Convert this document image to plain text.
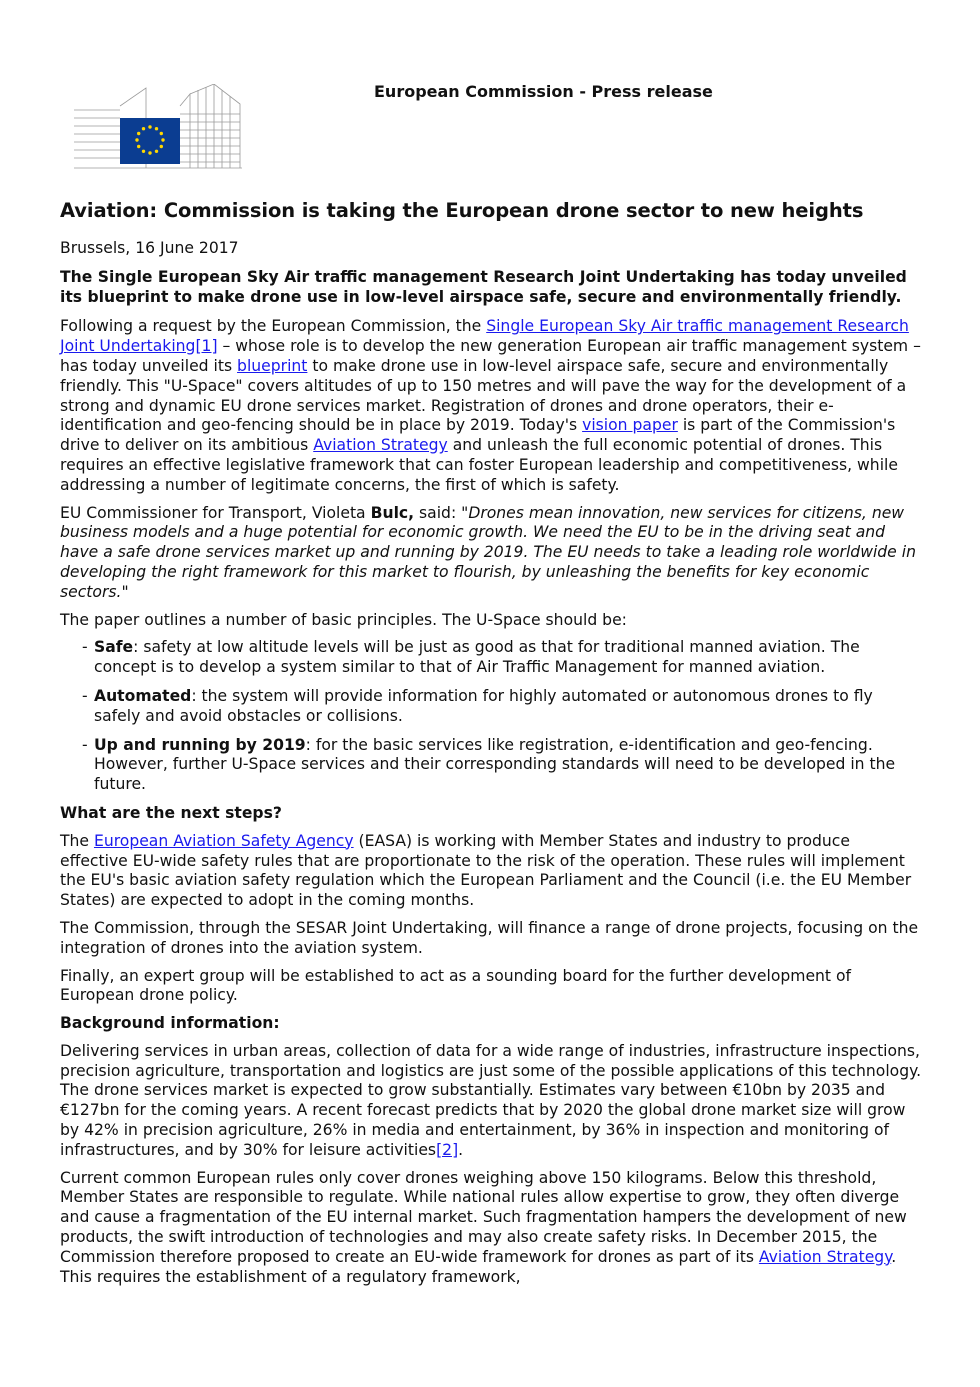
European Commission - Press release
Aviation: Commission is taking the European drone sector to new heights

Brussels, 16 June 2017

The Single European Sky Air traffic management Research Joint Undertaking has today unveiled its blueprint to make drone use in low-level airspace safe, secure and environmentally friendly.

Following a request by the European Commission, the Single European Sky Air traffic management Research Joint Undertaking[1] – whose role is to develop the new generation European air traffic management system – has today unveiled its blueprint to make drone use in low-level airspace safe, secure and environmentally friendly. This "U-Space" covers altitudes of up to 150 metres and will pave the way for the development of a strong and dynamic EU drone services market. Registration of drones and drone operators, their e-identification and geo-fencing should be in place by 2019. Today's vision paper is part of the Commission's drive to deliver on its ambitious Aviation Strategy and unleash the full economic potential of drones. This requires an effective legislative framework that can foster European leadership and competitiveness, while addressing a number of legitimate concerns, the first of which is safety.

EU Commissioner for Transport, Violeta Bulc, said: "Drones mean innovation, new services for citizens, new business models and a huge potential for economic growth. We need the EU to be in the driving seat and have a safe drone services market up and running by 2019. The EU needs to take a leading role worldwide in developing the right framework for this market to flourish, by unleashing the benefits for key economic sectors."

The paper outlines a number of basic principles. The U-Space should be:

- Safe: safety at low altitude levels will be just as good as that for traditional manned aviation. The concept is to develop a system similar to that of Air Traffic Management for manned aviation.
- Automated: the system will provide information for highly automated or autonomous drones to fly safely and avoid obstacles or collisions.
- Up and running by 2019: for the basic services like registration, e-identification and geo-fencing. However, further U-Space services and their corresponding standards will need to be developed in the future.
What are the next steps?

The European Aviation Safety Agency (EASA) is working with Member States and industry to produce effective EU-wide safety rules that are proportionate to the risk of the operation. These rules will implement the EU's basic aviation safety regulation which the European Parliament and the Council (i.e. the EU Member States) are expected to adopt in the coming months.

The Commission, through the SESAR Joint Undertaking, will finance a range of drone projects, focusing on the integration of drones into the aviation system.

Finally, an expert group will be established to act as a sounding board for the further development of European drone policy.

Background information:

Delivering services in urban areas, collection of data for a wide range of industries, infrastructure inspections, precision agriculture, transportation and logistics are just some of the possible applications of this technology. The drone services market is expected to grow substantially. Estimates vary between €10bn by 2035 and €127bn for the coming years. A recent forecast predicts that by 2020 the global drone market size will grow by 42% in precision agriculture, 26% in media and entertainment, by 36% in inspection and monitoring of infrastructures, and by 30% for leisure activities[2].

Current common European rules only cover drones weighing above 150 kilograms. Below this threshold, Member States are responsible to regulate. While national rules allow expertise to grow, they often diverge and cause a fragmentation of the EU internal market. Such fragmentation hampers the development of new products, the swift introduction of technologies and may also create safety risks. In December 2015, the Commission therefore proposed to create an EU-wide framework for drones as part of its Aviation Strategy. This requires the establishment of a regulatory framework,
